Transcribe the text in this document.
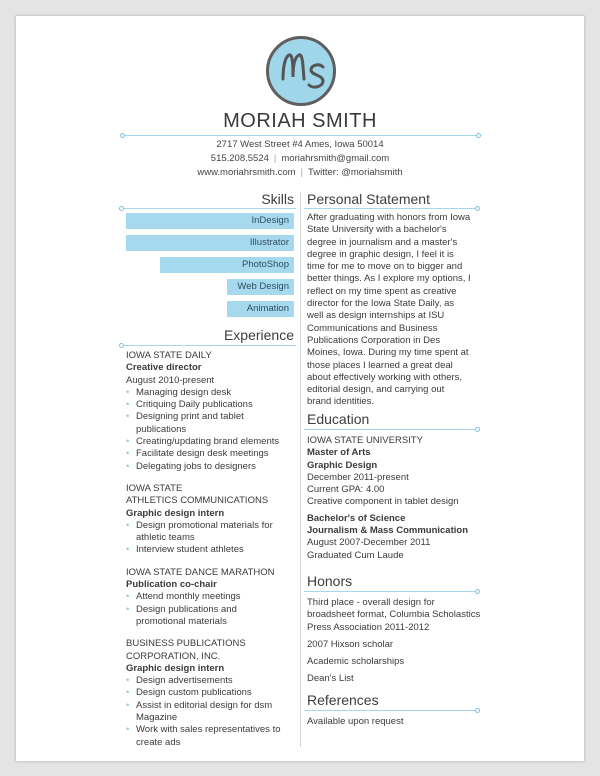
MORIAH SMITH
2717 West Street #4 Ames, Iowa 50014
515.208.5524 | moriahrsmith@gmail.com
www.moriahrsmith.com | Twitter: @moriahsmith
Skills
InDesign
Illustrator
PhotoShop
Web Design
Animation
Experience
IOWA STATE DAILY
Creative director
August 2010-present
• Managing design desk
• Critiquing Daily publications
• Designing print and tablet publications
• Creating/updating brand elements
• Facilitate design desk meetings
• Delegating jobs to designers
IOWA STATE
ATHLETICS COMMUNICATIONS
Graphic design intern
• Design promotional materials for athletic teams
• Interview student athletes
IOWA STATE DANCE MARATHON
Publication co-chair
• Attend monthly meetings
• Design publications and promotional materials
BUSINESS PUBLICATIONS
CORPORATION, INC.
Graphic design intern
• Design advertisements
• Design custom publications
• Assist in editorial design for dsm Magazine
• Work with sales representatives to create ads
Personal Statement
After graduating with honors from Iowa State University with a bachelor's degree in journalism and a master's degree in graphic design, I feel it is time for me to move on to bigger and better things. As I explore my options, I reflect on my time spent as creative director for the Iowa State Daily, as well as design internships at ISU Communications and Business Publications Corporation in Des Moines, Iowa. During my time spent at those places I learned a great deal about effectively working with others, editorial design, and carrying out brand identities.
Education
IOWA STATE UNIVERSITY
Master of Arts
Graphic Design
December 2011-present
Current GPA: 4.00
Creative component in tablet design
Bachelor's of Science
Journalism & Mass Communication
August 2007-December 2011
Graduated Cum Laude
Honors
Third place - overall design for broadsheet format, Columbia Scholastics Press Association 2011-2012
2007 Hixson scholar
Academic scholarships
Dean's List
References
Available upon request
